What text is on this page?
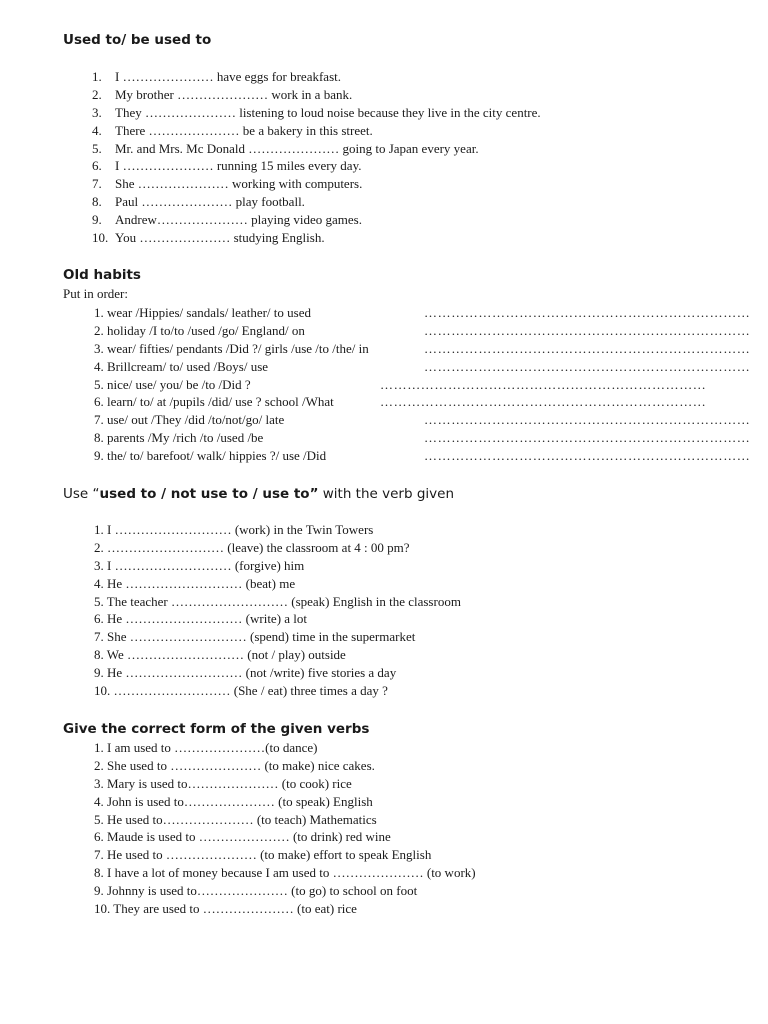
Used to/ be used to
1. I ………………… have eggs for breakfast.
2. My brother ………………… work in a bank.
3. They ………………… listening to loud noise because they live in the city centre.
4. There ………………… be a bakery in this street.
5. Mr. and Mrs. Mc Donald ………………… going to Japan every year.
6. I ………………… running 15 miles every day.
7. She ………………… working with computers.
8. Paul ………………… play football.
9. Andrew………………… playing video games.
10. You ………………… studying English.
Old habits
Put in order:
1. wear /Hippies/ sandals/ leather/ to used	………………………………………………………………
2. holiday /I to/to /used /go/ England/ on	………………………………………………………………
3. wear/ fifties/ pendants /Did ?/ girls /use /to /the/ in	………………………………………………………………
4. Brillcream/ to/ used /Boys/ use	………………………………………………………………
5. nice/ use/ you/ be /to /Did ?	………………………………………………………………
6. learn/ to/ at /pupils /did/ use ? school /What	………………………………………………………………
7. use/ out /They /did /to/not/go/ late	………………………………………………………………
8. parents /My /rich /to /used /be	………………………………………………………………
9. the/ to/ barefoot/ walk/ hippies ?/ use /Did	………………………………………………………………
Use “used to / not use to / use to” with the verb given
1. I ……………………… (work) in the Twin Towers
2. ……………………… (leave) the classroom at 4 : 00 pm?
3. I ……………………… (forgive) him
4. He ……………………… (beat) me
5. The teacher ……………………… (speak) English in the classroom
6. He ……………………… (write) a lot
7. She ……………………… (spend) time in the supermarket
8. We ……………………… (not / play) outside
9. He ……………………… (not /write) five stories a day
10. ……………………… (She / eat) three times a day ?
Give the correct form of the given verbs
1. I am used to …………………(to dance)
2. She used to ………………… (to make) nice cakes.
3. Mary is used to………………… (to cook) rice
4. John is used to………………… (to speak) English
5. He used to………………… (to teach) Mathematics
6. Maude is used to ………………… (to drink) red wine
7. He used to ………………… (to make) effort to speak English
8. I have a lot of money because I am used to ………………… (to work)
9. Johnny is used to………………… (to go) to school on foot
10. They are used to ………………… (to eat) rice
